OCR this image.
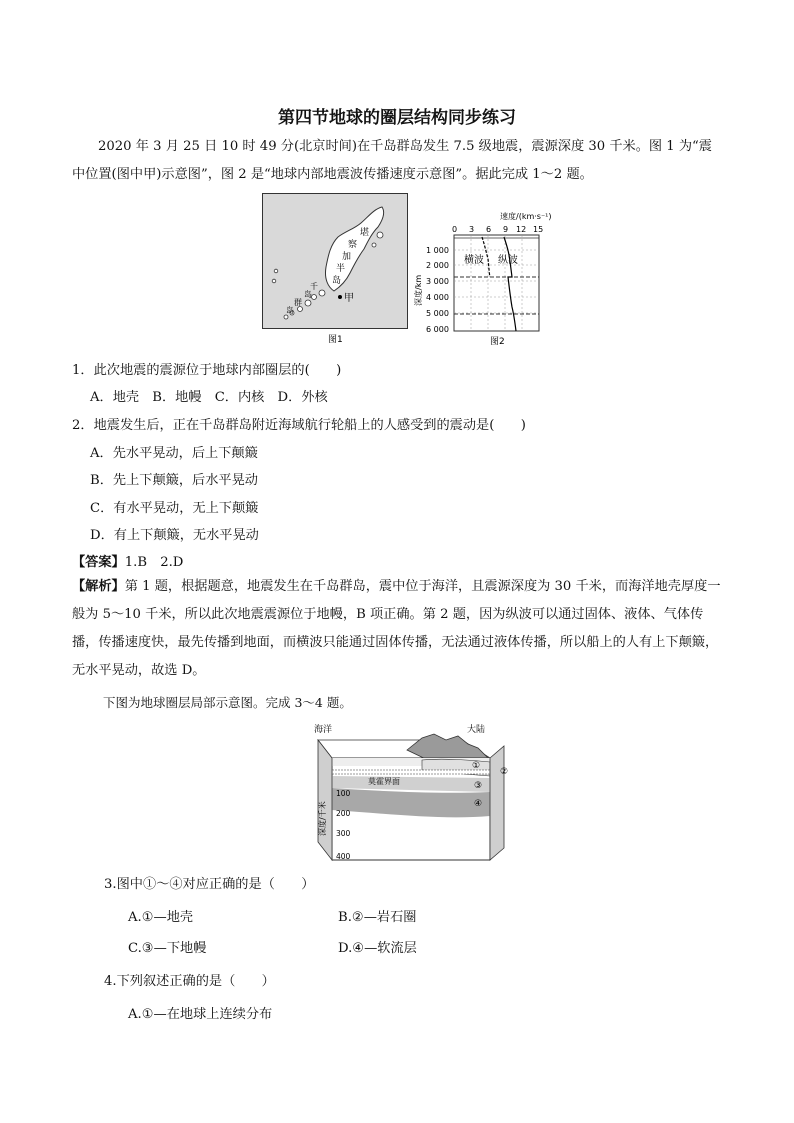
第四节地球的圈层结构同步练习
2020 年 3 月 25 日 10 时 49 分(北京时间)在千岛群岛发生 7.5 级地震，震源深度 30 千米。图 1 为“震中位置(图中甲)示意图”，图 2 是“地球内部地震波传播速度示意图”。据此完成 1～2 题。
甲
堪
察
加
半
岛
千
岛
群
岛
图1
速度/(km·s⁻¹)
0 3 6 9 12 15
横波 纵波
1 000
2 000
3 000
4 000
5 000
6 000
深度/km
图2
1．此次地震的震源位于地球内部圈层的(　　)
A．地壳　B．地幔　C．内核　D．外核
2．地震发生后，正在千岛群岛附近海域航行轮船上的人感受到的震动是(　　)
A．先水平晃动，后上下颠簸
B．先上下颠簸，后水平晃动
C．有水平晃动，无上下颠簸
D．有上下颠簸，无水平晃动
【答案】1.B　2.D
【解析】第 1 题，根据题意，地震发生在千岛群岛，震中位于海洋，且震源深度为 30 千米，而海洋地壳厚度一般为 5～10 千米，所以此次地震震源位于地幔，B 项正确。第 2 题，因为纵波可以通过固体、液体、气体传播，传播速度快，最先传播到地面，而横波只能通过固体传播，无法通过液体传播，所以船上的人有上下颠簸，无水平晃动，故选 D。
下图为地球圈层局部示意图。完成 3～4 题。
海洋	大陆
莫霍界面
①
②
③
④
深度/千米
100
200
300
400
3.图中①～④对应正确的是（　　）
A.①—地壳	B.②—岩石圈
C.③—下地幔	D.④—软流层
4.下列叙述正确的是（　　）
A.①—在地球上连续分布
